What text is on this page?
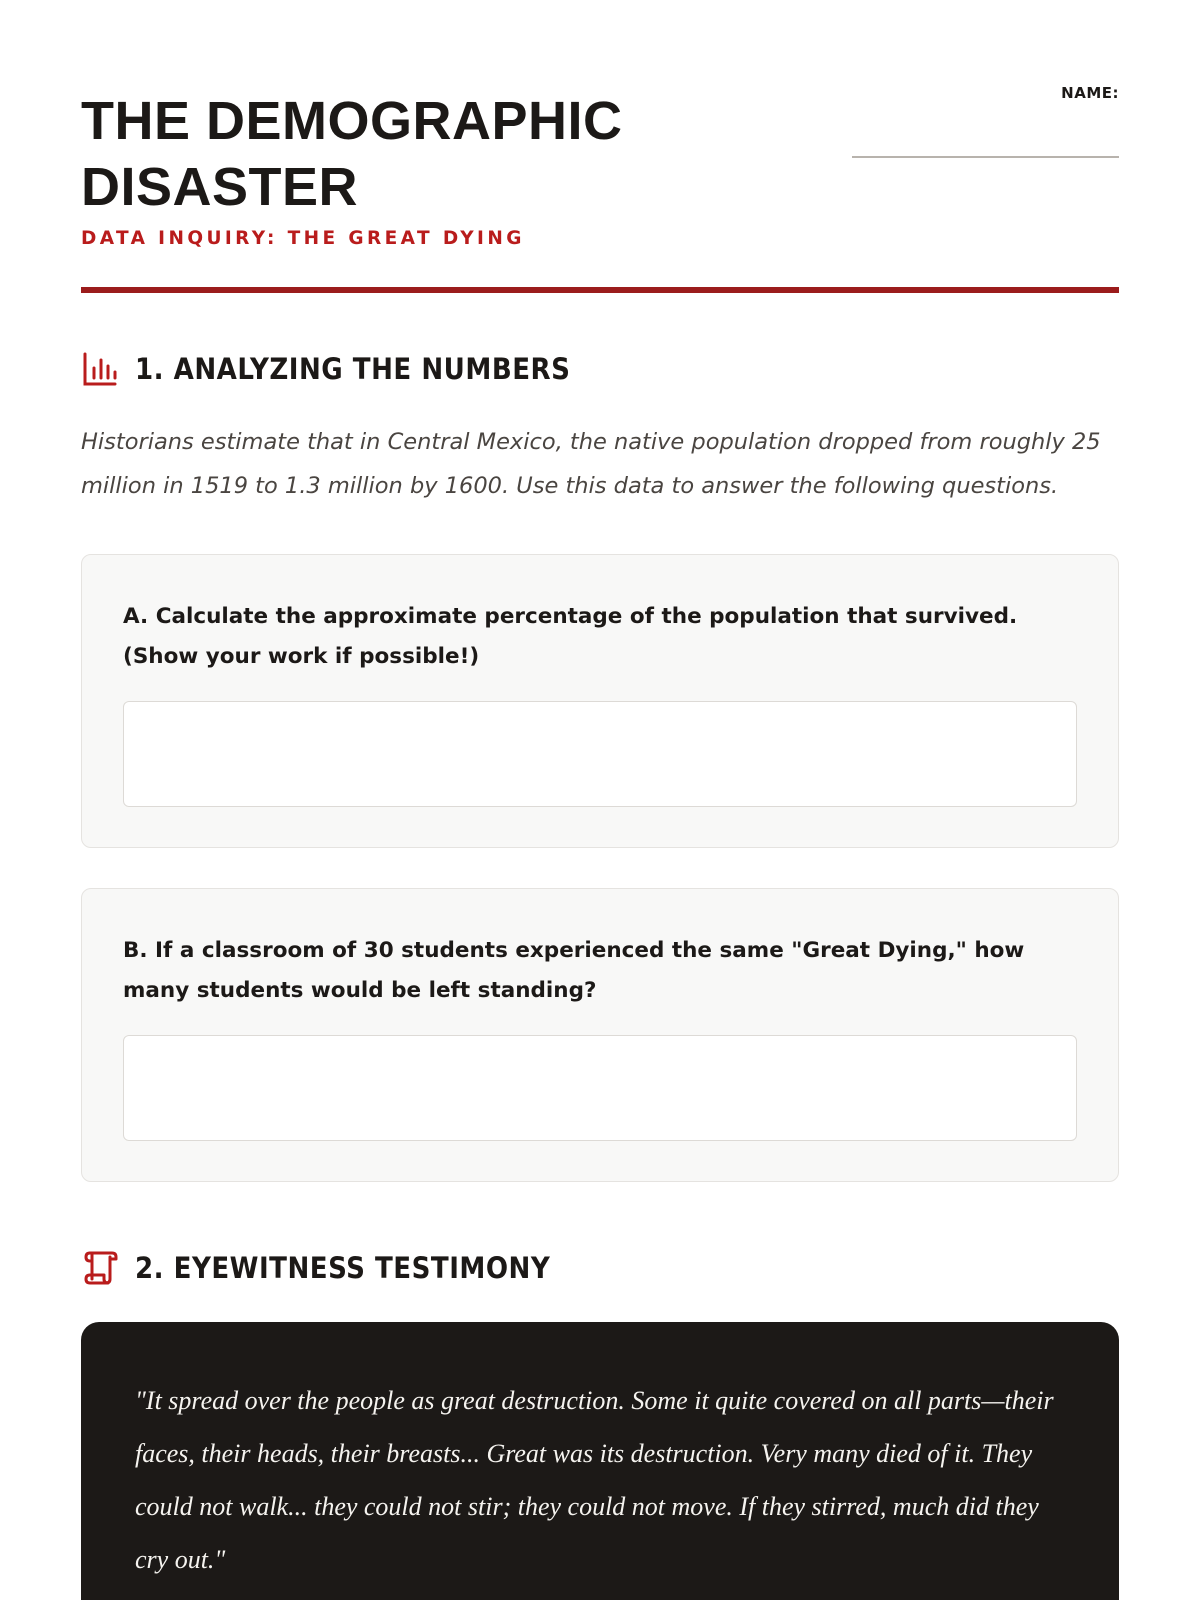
THE DEMOGRAPHIC DISASTER
DATA INQUIRY: THE GREAT DYING
NAME:
1. ANALYZING THE NUMBERS

Historians estimate that in Central Mexico, the native population dropped from roughly 25 million in 1519 to 1.3 million by 1600. Use this data to answer the following questions.

A. Calculate the approximate percentage of the population that survived. (Show your work if possible!)
B. If a classroom of 30 students experienced the same "Great Dying," how many students would be left standing?
2. EYEWITNESS TESTIMONY

"It spread over the people as great destruction. Some it quite covered on all parts—their faces, their heads, their breasts... Great was its destruction. Very many died of it. They could not walk... they could not stir; they could not move. If they stirred, much did they cry out."
